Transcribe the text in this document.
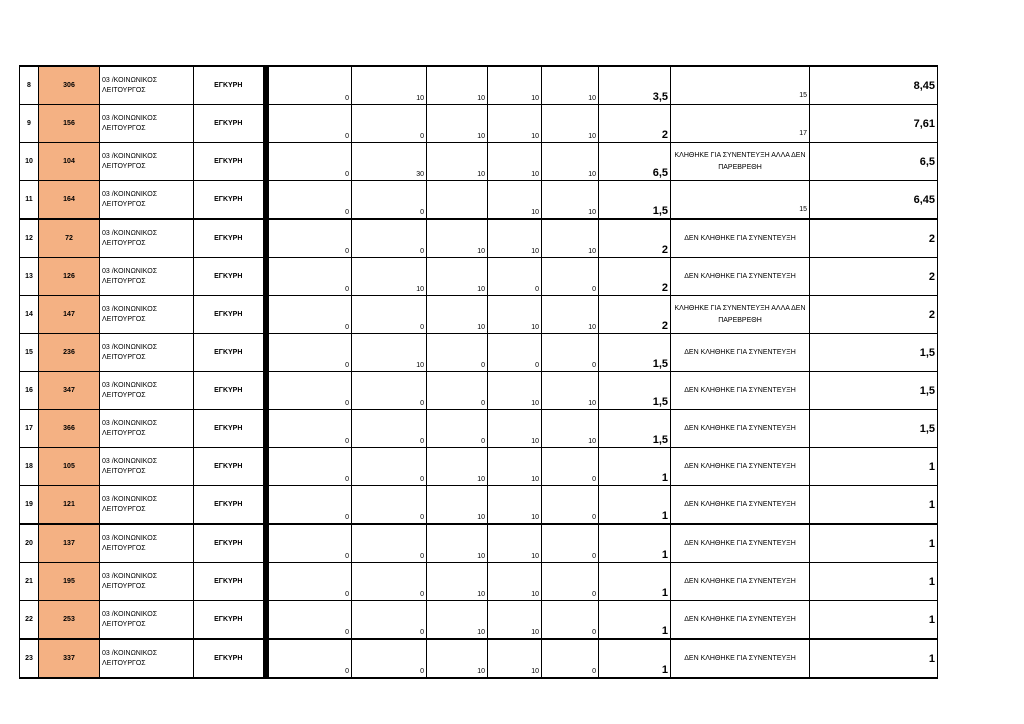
8	306	03 /ΚΟΙΝΩΝΙΚΟΣ ΛΕΙΤΟΥΡΓΟΣ	ΕΓΚΥΡΗ	0	10	10	10	10	3,5	15	8,45
9	156	03 /ΚΟΙΝΩΝΙΚΟΣ ΛΕΙΤΟΥΡΓΟΣ	ΕΓΚΥΡΗ	0	0	10	10	10	2	17	7,61
10	104	03 /ΚΟΙΝΩΝΙΚΟΣ ΛΕΙΤΟΥΡΓΟΣ	ΕΓΚΥΡΗ	0	30	10	10	10	6,5	ΚΛΗΘΗΚΕ ΓΙΑ ΣΥΝΕΝΤΕΥΞΗ ΑΛΛΑ ΔΕΝ ΠΑΡΕΒΡΕΘΗ	6,5
11	164	03 /ΚΟΙΝΩΝΙΚΟΣ ΛΕΙΤΟΥΡΓΟΣ	ΕΓΚΥΡΗ	0	0		10	10	1,5	15	6,45
12	72	03 /ΚΟΙΝΩΝΙΚΟΣ ΛΕΙΤΟΥΡΓΟΣ	ΕΓΚΥΡΗ	0	0	10	10	10	2	ΔΕΝ ΚΛΗΘΗΚΕ ΓΙΑ ΣΥΝΕΝΤΕΥΞΗ	2
13	126	03 /ΚΟΙΝΩΝΙΚΟΣ ΛΕΙΤΟΥΡΓΟΣ	ΕΓΚΥΡΗ	0	10	10	0	0	2	ΔΕΝ ΚΛΗΘΗΚΕ ΓΙΑ ΣΥΝΕΝΤΕΥΞΗ	2
14	147	03 /ΚΟΙΝΩΝΙΚΟΣ ΛΕΙΤΟΥΡΓΟΣ	ΕΓΚΥΡΗ	0	0	10	10	10	2	ΚΛΗΘΗΚΕ ΓΙΑ ΣΥΝΕΝΤΕΥΞΗ ΑΛΛΑ ΔΕΝ ΠΑΡΕΒΡΕΘΗ	2
15	236	03 /ΚΟΙΝΩΝΙΚΟΣ ΛΕΙΤΟΥΡΓΟΣ	ΕΓΚΥΡΗ	0	10	0	0	0	1,5	ΔΕΝ ΚΛΗΘΗΚΕ ΓΙΑ ΣΥΝΕΝΤΕΥΞΗ	1,5
16	347	03 /ΚΟΙΝΩΝΙΚΟΣ ΛΕΙΤΟΥΡΓΟΣ	ΕΓΚΥΡΗ	0	0	0	10	10	1,5	ΔΕΝ ΚΛΗΘΗΚΕ ΓΙΑ ΣΥΝΕΝΤΕΥΞΗ	1,5
17	366	03 /ΚΟΙΝΩΝΙΚΟΣ ΛΕΙΤΟΥΡΓΟΣ	ΕΓΚΥΡΗ	0	0	0	10	10	1,5	ΔΕΝ ΚΛΗΘΗΚΕ ΓΙΑ ΣΥΝΕΝΤΕΥΞΗ	1,5
18	105	03 /ΚΟΙΝΩΝΙΚΟΣ ΛΕΙΤΟΥΡΓΟΣ	ΕΓΚΥΡΗ	0	0	10	10	0	1	ΔΕΝ ΚΛΗΘΗΚΕ ΓΙΑ ΣΥΝΕΝΤΕΥΞΗ	1
19	121	03 /ΚΟΙΝΩΝΙΚΟΣ ΛΕΙΤΟΥΡΓΟΣ	ΕΓΚΥΡΗ	0	0	10	10	0	1	ΔΕΝ ΚΛΗΘΗΚΕ ΓΙΑ ΣΥΝΕΝΤΕΥΞΗ	1
20	137	03 /ΚΟΙΝΩΝΙΚΟΣ ΛΕΙΤΟΥΡΓΟΣ	ΕΓΚΥΡΗ	0	0	10	10	0	1	ΔΕΝ ΚΛΗΘΗΚΕ ΓΙΑ ΣΥΝΕΝΤΕΥΞΗ	1
21	195	03 /ΚΟΙΝΩΝΙΚΟΣ ΛΕΙΤΟΥΡΓΟΣ	ΕΓΚΥΡΗ	0	0	10	10	0	1	ΔΕΝ ΚΛΗΘΗΚΕ ΓΙΑ ΣΥΝΕΝΤΕΥΞΗ	1
22	253	03 /ΚΟΙΝΩΝΙΚΟΣ ΛΕΙΤΟΥΡΓΟΣ	ΕΓΚΥΡΗ	0	0	10	10	0	1	ΔΕΝ ΚΛΗΘΗΚΕ ΓΙΑ ΣΥΝΕΝΤΕΥΞΗ	1
23	337	03 /ΚΟΙΝΩΝΙΚΟΣ ΛΕΙΤΟΥΡΓΟΣ	ΕΓΚΥΡΗ	0	0	10	10	0	1	ΔΕΝ ΚΛΗΘΗΚΕ ΓΙΑ ΣΥΝΕΝΤΕΥΞΗ	1
